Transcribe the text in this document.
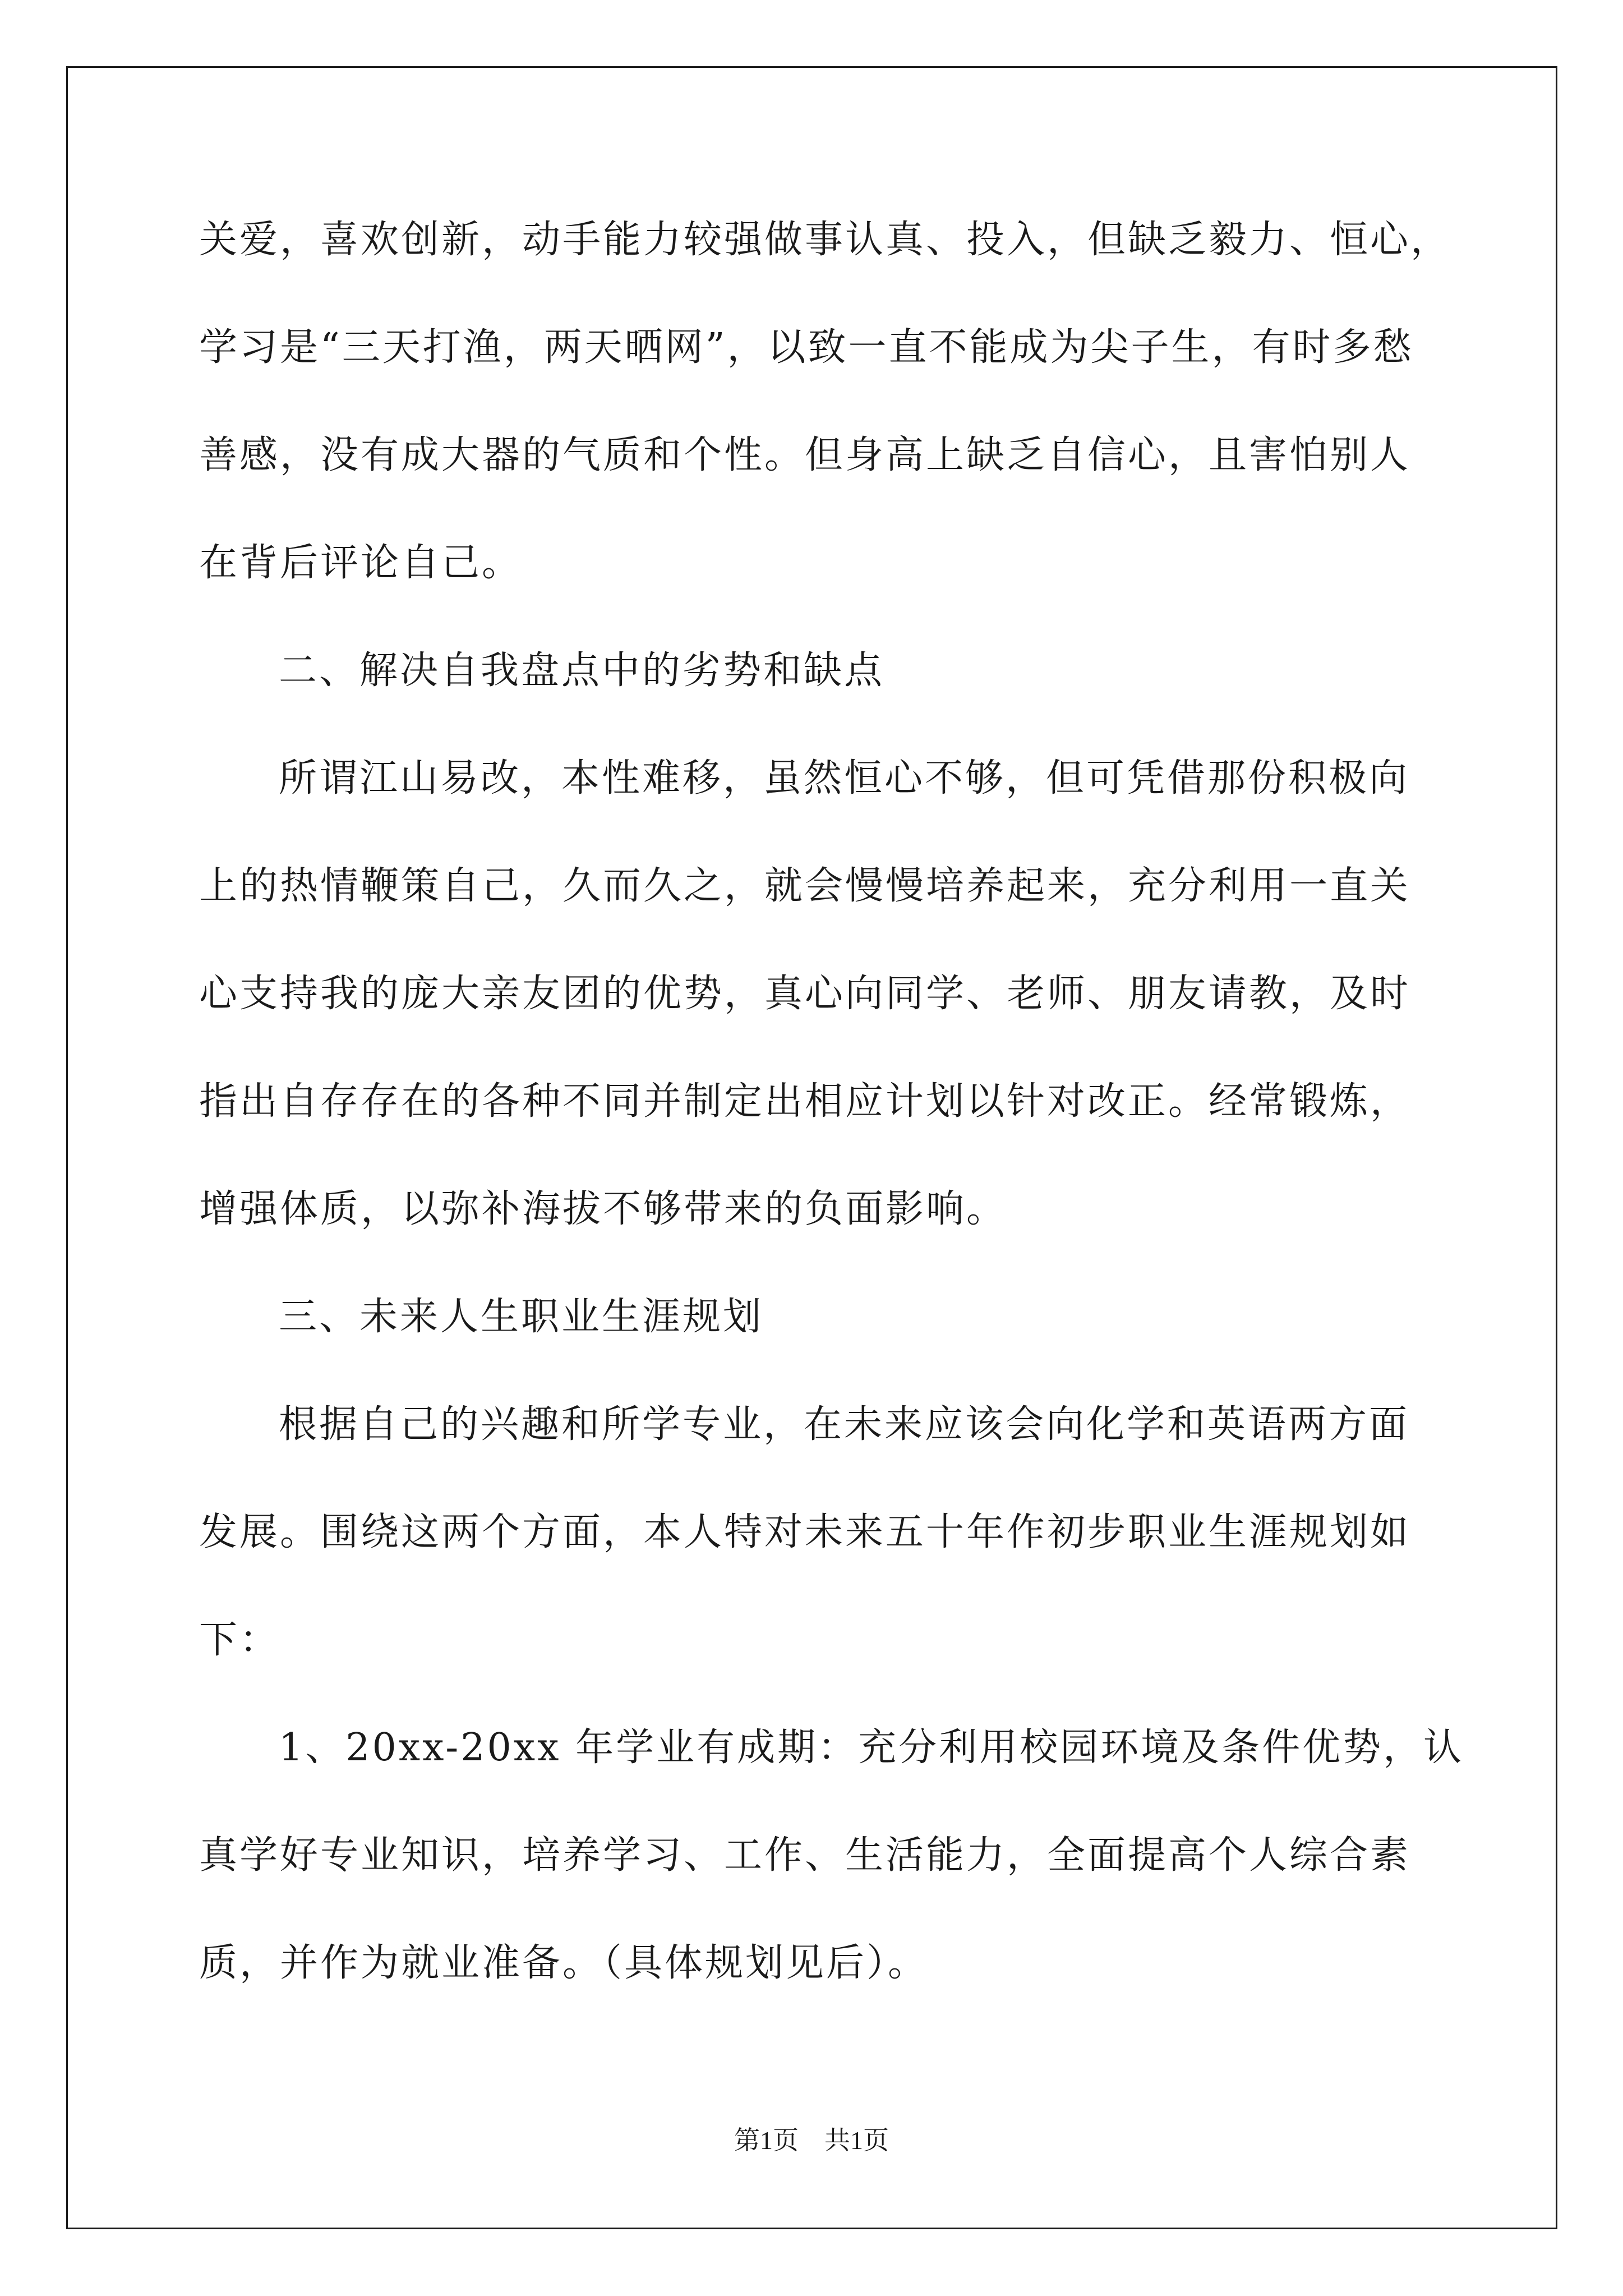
关爱，喜欢创新，动手能力较强做事认真、投入，但缺乏毅力、恒心，
学习是“三天打渔，两天晒网”，以致一直不能成为尖子生，有时多愁
善感，没有成大器的气质和个性。但身高上缺乏自信心，且害怕别人
在背后评论自己。
二、解决自我盘点中的劣势和缺点
所谓江山易改，本性难移，虽然恒心不够，但可凭借那份积极向
上的热情鞭策自己，久而久之，就会慢慢培养起来，充分利用一直关
心支持我的庞大亲友团的优势，真心向同学、老师、朋友请教，及时
指出自存存在的各种不同并制定出相应计划以针对改正。经常锻炼，
增强体质，以弥补海拔不够带来的负面影响。
三、未来人生职业生涯规划
根据自己的兴趣和所学专业，在未来应该会向化学和英语两方面
发展。围绕这两个方面，本人特对未来五十年作初步职业生涯规划如
下：
1、20xx-20xx 年学业有成期：充分利用校园环境及条件优势，认
真学好专业知识，培养学习、工作、生活能力，全面提高个人综合素
质，并作为就业准备。（具体规划见后）。
第1页　共1页
